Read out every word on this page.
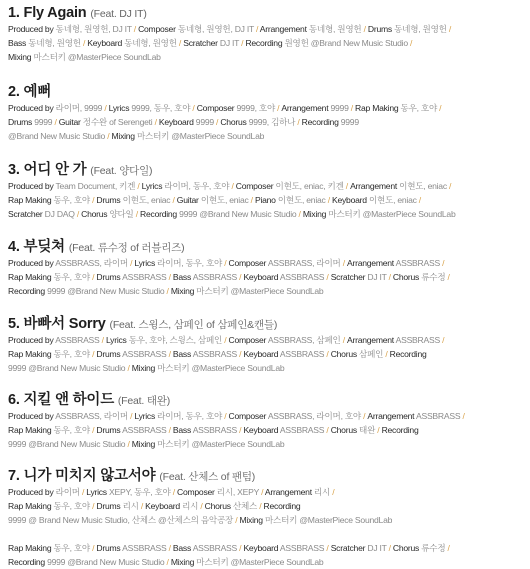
1. Fly Again (Feat. DJ IT)
Produced by 동네형, 원영헌, DJ IT / Composer 동네형, 원영헌, DJ IT / Arrangement 동네형, 원영헌 / Drums 동네형, 원영헌 /
Bass 동네형, 원영헌 / Keyboard 동네형, 원영헌 / Scratcher DJ IT / Recording 원영헌 @Brand New Music Studio /
Mixing 마스터키 @MasterPiece SoundLab
2. 예뻐
Produced by 라이머, 9999 / Lyrics 9999, 동우, 호야 / Composer 9999, 호야 / Arrangement 9999 / Rap Making 동우, 호야 /
Drums 9999 / Guitar 정수완 of Serengeti / Keyboard 9999 / Chorus 9999, 김하나 / Recording 9999
@Brand New Music Studio / Mixing 마스터키 @MasterPiece SoundLab
3. 어디 안 가 (Feat. 양다일)
Produced by Team Document, 키겐 / Lyrics 라이머, 동우, 호야 / Composer 이현도, eniac, 키겐 / Arrangement 이현도, eniac /
Rap Making 동우, 호야 / Drums 이현도, eniac / Guitar 이현도, eniac / Piano 이현도, eniac / Keyboard 이현도, eniac /
Scratcher DJ DAQ / Chorus 양다일 / Recording 9999 @Brand New Music Studio / Mixing 마스터키 @MasterPiece SoundLab
4. 부딪쳐 (Feat. 류수정 of 러블리즈)
Produced by ASSBRASS, 라이머 / Lyrics 라이머, 동우, 호야 / Composer ASSBRASS, 라이머 / Arrangement ASSBRASS /
Rap Making 동우, 호야 / Drums ASSBRASS / Bass ASSBRASS / Keyboard ASSBRASS / Scratcher DJ IT / Chorus 류수정 /
Recording 9999 @Brand New Music Studio / Mixing 마스터키 @MasterPiece SoundLab
5. 바빠서 Sorry (Feat. 스윙스, 삼페인 of 삼페인&캔들)
Produced by ASSBRASS / Lyrics 동우, 호야, 스윙스, 삼페인 / Composer ASSBRASS, 삼페인 / Arrangement ASSBRASS /
Rap Making 동우, 호야 / Drums ASSBRASS / Bass ASSBRASS / Keyboard ASSBRASS / Chorus 삼페인 / Recording
9999 @Brand New Music Studio / Mixing 마스터키 @MasterPiece SoundLab
6. 지킬 앤 하이드 (Feat. 태완)
Produced by ASSBRASS, 라이머 / Lyrics 라이머, 동우, 호야 / Composer ASSBRASS, 라이머, 호야 / Arrangement ASSBRASS /
Rap Making 동우, 호야 / Drums ASSBRASS / Bass ASSBRASS / Keyboard ASSBRASS / Chorus 태완 / Recording
9999 @Brand New Music Studio / Mixing 마스터키 @MasterPiece SoundLab
7. 니가 미치지 않고서야 (Feat. 산체스 of 팬텀)
Produced by 라이머 / Lyrics XEPY, 동우, 호야 / Composer 리시, XEPY / Arrangement 리시 /
Rap Making 동우, 호야 / Drums 리시 / Keyboard 리시 / Chorus 산체스 / Recording
9999 @ Brand New Music Studio, 산체스 @산체스의 음악공장 / Mixing 마스터키 @MasterPiece SoundLab
Rap Making 동우, 호야 / Drums ASSBRASS / Bass ASSBRASS / Keyboard ASSBRASS / Scratcher DJ IT / Chorus 류수정 /
Recording 9999 @Brand New Music Studio / Mixing 마스터키 @MasterPiece SoundLab
